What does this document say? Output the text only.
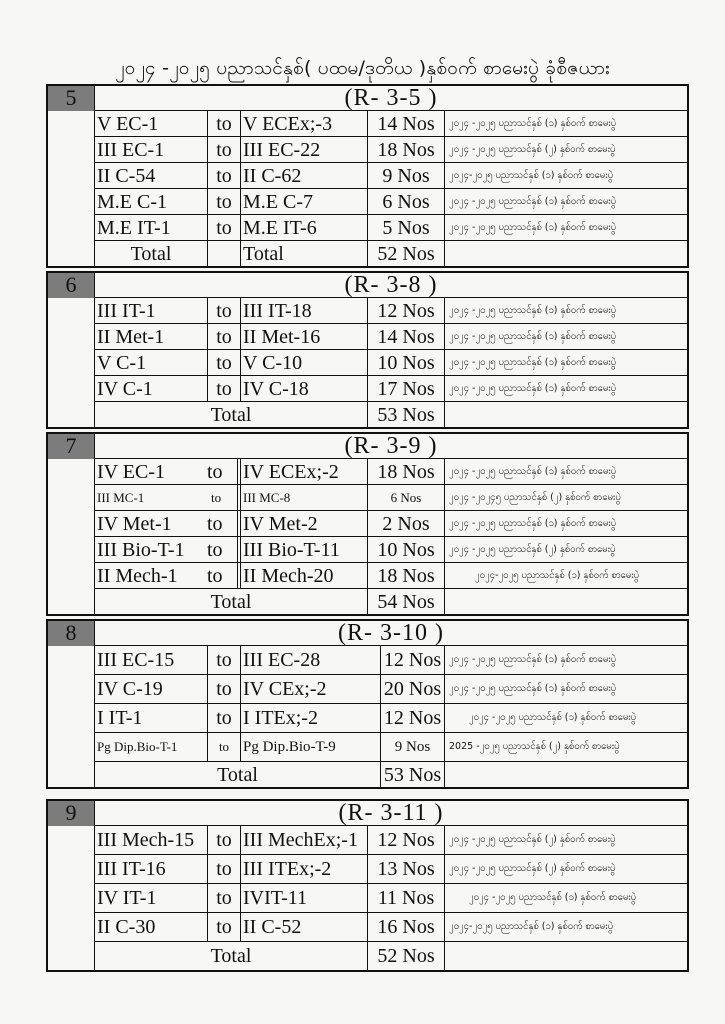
၂၀၂၄ -၂၀၂၅ ပညာသင်နှစ်( ပထမ/ဒုတိယ )နှစ်ဝက် စာမေးပွဲ ခုံစီဇယား
5	(R- 3-5 )				
	V EC-1	to	V ECEx;-3	14 Nos	၂၀၂၄ -၂၀၂၅ ပညာသင်နှစ် (၁) နှစ်ဝက် စာမေးပွဲ
	III EC-1	to	III EC-22	18 Nos	၂၀၂၄ -၂၀၂၅ ပညာသင်နှစ် (၂) နှစ်ဝက် စာမေးပွဲ
	II C-54	to	II C-62	9 Nos	၂၀၂၄-၂၀၂၅ ပညာသင်နှစ် (၁) နှစ်ဝက် စာမေးပွဲ
	M.E C-1	to	M.E C-7	6 Nos	၂၀၂၄ -၂၀၂၅ ပညာသင်နှစ် (၁) နှစ်ဝက် စာမေးပွဲ
	M.E IT-1	to	M.E IT-6	5 Nos	၂၀၂၄ -၂၀၂၅ ပညာသင်နှစ် (၁) နှစ်ဝက် စာမေးပွဲ
	Total		Total	52 Nos	
6	(R- 3-8 )				
	III IT-1	to	III IT-18	12 Nos	၂၀၂၄ -၂၀၂၅ ပညာသင်နှစ် (၁) နှစ်ဝက် စာမေးပွဲ
	II Met-1	to	II Met-16	14 Nos	၂၀၂၄ -၂၀၂၅ ပညာသင်နှစ် (၁) နှစ်ဝက် စာမေးပွဲ
	V C-1	to	V C-10	10 Nos	၂၀၂၄ -၂၀၂၅ ပညာသင်နှစ် (၁) နှစ်ဝက် စာမေးပွဲ
	IV C-1	to	IV C-18	17 Nos	၂၀၂၄ -၂၀၂၅ ပညာသင်နှစ် (၁) နှစ်ဝက် စာမေးပွဲ
	Total			53 Nos	
7	(R- 3-9 )				
	IV EC-1 to		IV ECEx;-2	18 Nos	၂၀၂၄ -၂၀၂၅ ပညာသင်နှစ် (၁) နှစ်ဝက် စာမေးပွဲ
	III MC-1 to		III MC-8	6 Nos	၂၀၂၄ -၂၀၂၄၅ ပညာသင်နှစ် (၂) နှစ်ဝက် စာမေးပွဲ
	IV Met-1 to		IV Met-2	2 Nos	၂၀၂၄ -၂၀၂၅ ပညာသင်နှစ် (၁) နှစ်ဝက် စာမေးပွဲ
	III Bio-T-1 to		III Bio-T-11	10 Nos	၂၀၂၄ -၂၀၂၅ ပညာသင်နှစ် (၂) နှစ်ဝက် စာမေးပွဲ
	II Mech-1 to		II Mech-20	18 Nos	၂၀၂၄-၂၀၂၅ ပညာသင်နှစ် (၁) နှစ်ဝက် စာမေးပွဲ
	Total			54 Nos	
8	(R- 3-10 )				
	III EC-15	to	III EC-28	12 Nos	၂၀၂၄ -၂၀၂၅ ပညာသင်နှစ် (၁) နှစ်ဝက် စာမေးပွဲ
	IV C-19	to	IV CEx;-2	20 Nos	၂၀၂၄ -၂၀၂၅ ပညာသင်နှစ် (၁) နှစ်ဝက် စာမေးပွဲ
	I IT-1	to	I ITEx;-2	12 Nos	၂၀၂၄ -၂၀၂၅ ပညာသင်နှစ် (၁) နှစ်ဝက် စာမေးပွဲ
	Pg Dip.Bio-T-1	to	Pg Dip.Bio-T-9	9 Nos	2025 -၂၀၂၅ ပညာသင်နှစ် (၂) နှစ်ဝက် စာမေးပွဲ
	Total			53 Nos	
9	(R- 3-11 )				
	III Mech-15	to	III MechEx;-1	12 Nos	၂၀၂၄ -၂၀၂၅ ပညာသင်နှစ် (၂) နှစ်ဝက် စာမေးပွဲ
	III IT-16	to	III ITEx;-2	13 Nos	၂၀၂၄ -၂၀၂၅ ပညာသင်နှစ် (၂) နှစ်ဝက် စာမေးပွဲ
	IV IT-1	to	IVIT-11	11 Nos	၂၀၂၄ -၂၀၂၅ ပညာသင်နှစ် (၁) နှစ်ဝက် စာမေးပွဲ
	II C-30	to	II C-52	16 Nos	၂၀၂၄-၂၀၂၅ ပညာသင်နှစ် (၁) နှစ်ဝက် စာမေးပွဲ
	Total			52 Nos	
